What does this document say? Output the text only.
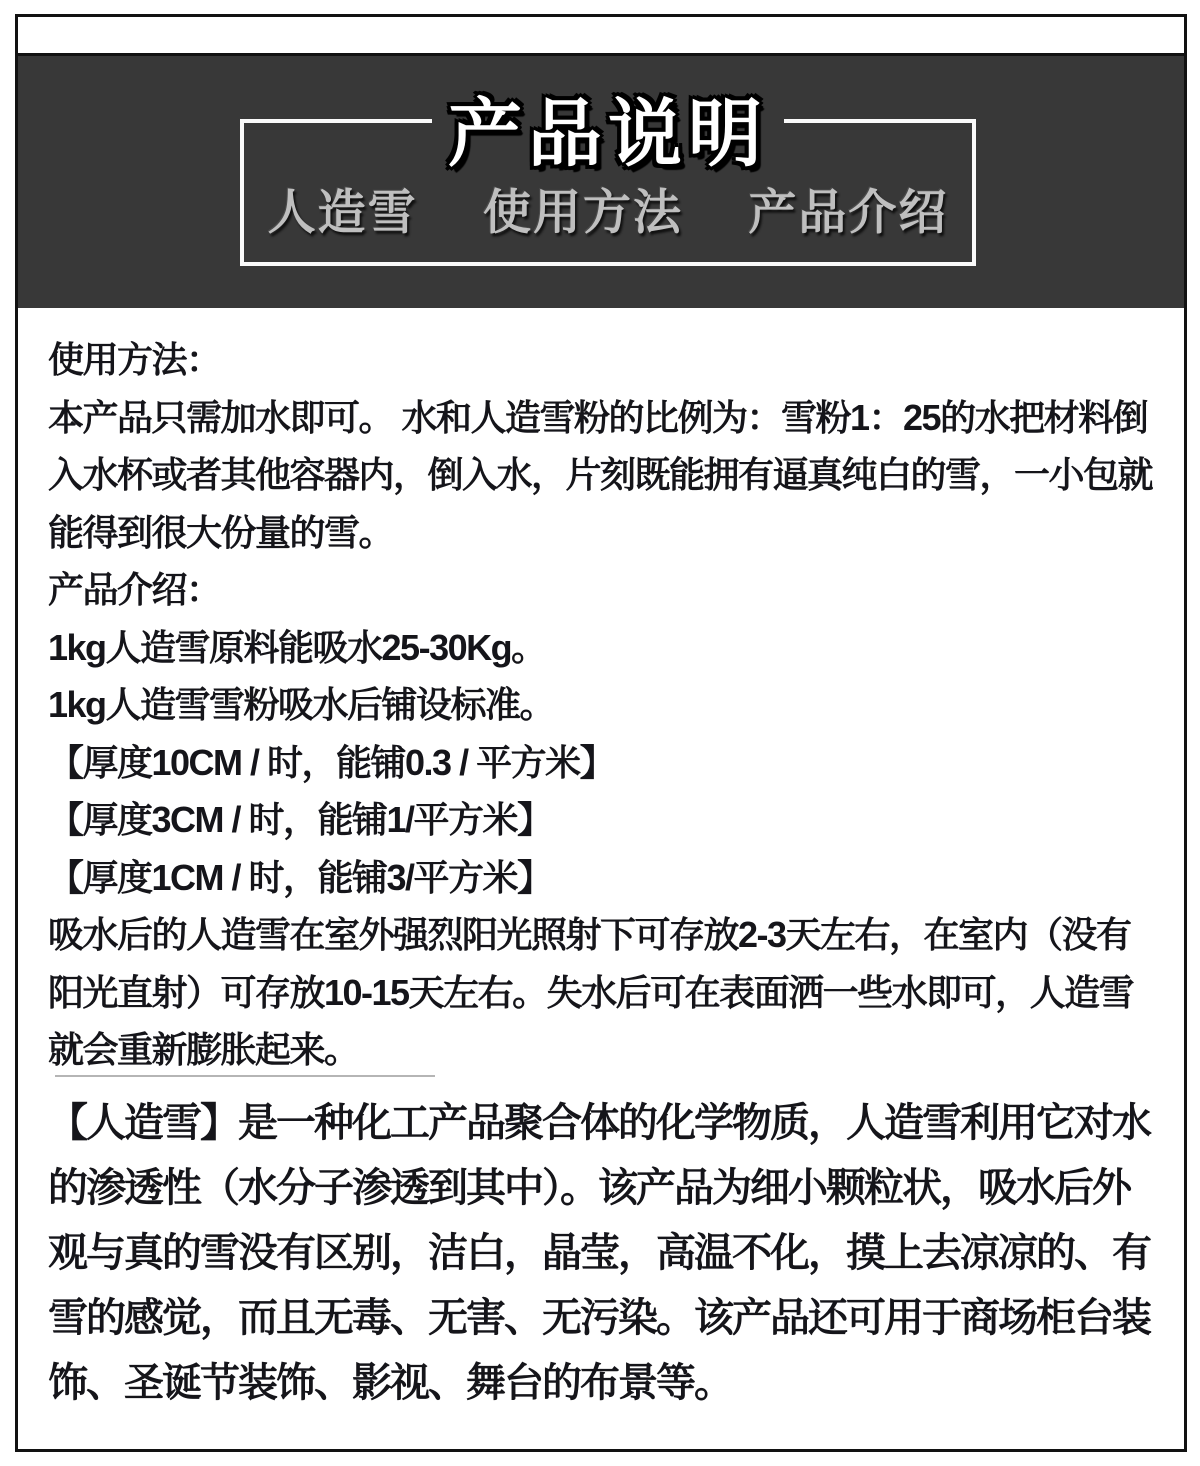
产品说明
人造雪　 使用方法　 产品介绍
使用方法：
本产品只需加水即可。 水和人造雪粉的比例为：雪粉1：25的水把材料倒
入水杯或者其他容器内，倒入水，片刻既能拥有逼真纯白的雪，一小包就
能得到很大份量的雪。
产品介绍：
1kg人造雪原料能吸水25-30Kg。
1kg人造雪雪粉吸水后铺设标准。
【厚度10CM / 时，能铺0.3 / 平方米】
【厚度3CM / 时，能铺1/平方米】
【厚度1CM / 时，能铺3/平方米】
吸水后的人造雪在室外强烈阳光照射下可存放2-3天左右，在室内（没有
阳光直射）可存放10-15天左右。失水后可在表面洒一些水即可，人造雪
就会重新膨胀起来。
【人造雪】是一种化工产品聚合体的化学物质，人造雪利用它对水
的渗透性（水分子渗透到其中）。该产品为细小颗粒状，吸水后外
观与真的雪没有区别，洁白，晶莹，高温不化，摸上去凉凉的、有
雪的感觉，而且无毒、无害、无污染。该产品还可用于商场柜台装
饰、圣诞节装饰、影视、舞台的布景等。
